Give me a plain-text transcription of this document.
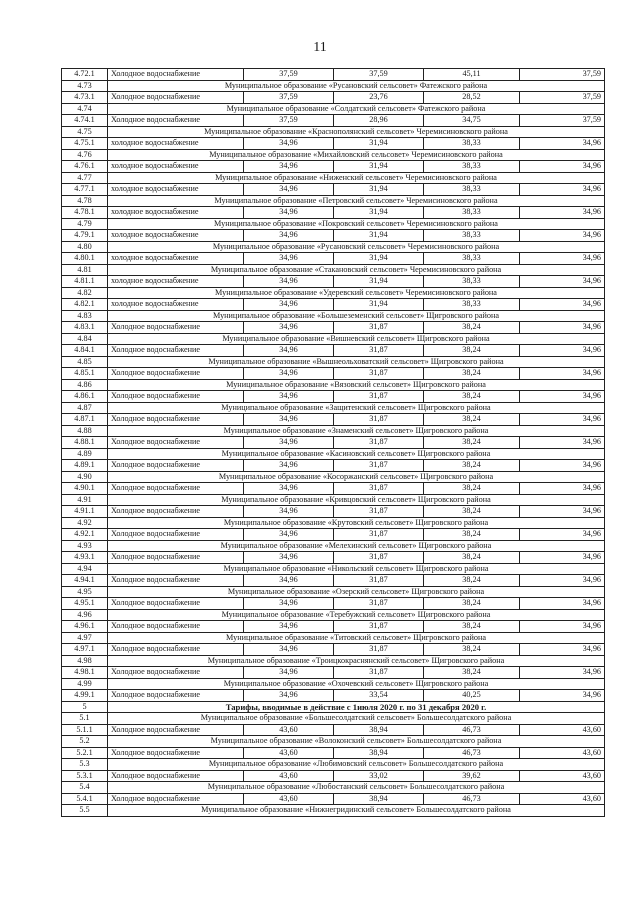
11
4.72.1	Холодное водоснабжение	37,59	37,59	45,11	37,59
4.73	Муниципальное образование «Русановский сельсовет» Фатежского района				
4.73.1	Холодное водоснабжение	37,59	23,76	28,52	37,59
4.74	Муниципальное образование «Солдатский сельсовет» Фатежского района				
4.74.1	Холодное водоснабжение	37,59	28,96	34,75	37,59
4.75	Муниципальное образование «Краснополянский сельсовет» Черемисиновского района				
4.75.1	холодное водоснабжение	34,96	31,94	38,33	34,96
4.76	Муниципальное образование «Михайловский сельсовет» Черемисиновского района				
4.76.1	холодное водоснабжение	34,96	31,94	38,33	34,96
4.77	Муниципальное образование «Ниженский сельсовет» Черемисиновского района				
4.77.1	холодное водоснабжение	34,96	31,94	38,33	34,96
4.78	Муниципальное образование «Петровский сельсовет» Черемисиновского района				
4.78.1	холодное водоснабжение	34,96	31,94	38,33	34,96
4.79	Муниципальное образование «Покровский сельсовет» Черемисиновского района				
4.79.1	холодное водоснабжение	34,96	31,94	38,33	34,96
4.80	Муниципальное образование «Русановский сельсовет» Черемисиновского района				
4.80.1	холодное водоснабжение	34,96	31,94	38,33	34,96
4.81	Муниципальное образование «Стакановский сельсовет» Черемисиновского района				
4.81.1	холодное водоснабжение	34,96	31,94	38,33	34,96
4.82	Муниципальное образование «Удеревский сельсовет» Черемисиновского района				
4.82.1	холодное водоснабжение	34,96	31,94	38,33	34,96
4.83	Муниципальное образование «Большеземенский сельсовет» Щигровского района				
4.83.1	Холодное водоснабжение	34,96	31,87	38,24	34,96
4.84	Муниципальное образование «Вишневский сельсовет» Щигровского района				
4.84.1	Холодное водоснабжение	34,96	31,87	38,24	34,96
4.85	Муниципальное образование «Вышнеольховатский сельсовет» Щигровского района				
4.85.1	Холодное водоснабжение	34,96	31,87	38,24	34,96
4.86	Муниципальное образование «Вязовский сельсовет» Щигровского района				
4.86.1	Холодное водоснабжение	34,96	31,87	38,24	34,96
4.87	Муниципальное образование «Защитенский сельсовет» Щигровского района				
4.87.1	Холодное водоснабжение	34,96	31,87	38,24	34,96
4.88	Муниципальное образование «Знаменский сельсовет» Щигровского района				
4.88.1	Холодное водоснабжение	34,96	31,87	38,24	34,96
4.89	Муниципальное образование «Касиновский сельсовет» Щигровского района				
4.89.1	Холодное водоснабжение	34,96	31,87	38,24	34,96
4.90	Муниципальное образование «Косоржанский сельсовет» Щигровского района				
4.90.1	Холодное водоснабжение	34,96	31,87	38,24	34,96
4.91	Муниципальное образование «Кривцовский сельсовет» Щигровского района				
4.91.1	Холодное водоснабжение	34,96	31,87	38,24	34,96
4.92	Муниципальное образование «Крутовский сельсовет» Щигровского района				
4.92.1	Холодное водоснабжение	34,96	31,87	38,24	34,96
4.93	Муниципальное образование «Мелехинский сельсовет» Щигровского района				
4.93.1	Холодное водоснабжение	34,96	31,87	38,24	34,96
4.94	Муниципальное образование «Никольский сельсовет» Щигровского района				
4.94.1	Холодное водоснабжение	34,96	31,87	38,24	34,96
4.95	Муниципальное образование «Озерский сельсовет» Щигровского района				
4.95.1	Холодное водоснабжение	34,96	31,87	38,24	34,96
4.96	Муниципальное образование «Теребужский сельсовет» Щигровского района				
4.96.1	Холодное водоснабжение	34,96	31,87	38,24	34,96
4.97	Муниципальное образование «Титовский сельсовет» Щигровского района				
4.97.1	Холодное водоснабжение	34,96	31,87	38,24	34,96
4.98	Муниципальное образование «Троицкокраснянский сельсовет» Щигровского района				
4.98.1	Холодное водоснабжение	34,96	31,87	38,24	34,96
4.99	Муниципальное образование «Охочевский сельсовет» Щигровского района				
4.99.1	Холодное водоснабжение	34,96	33,54	40,25	34,96
5	Тарифы, вводимые в действие с 1июля 2020 г. по 31 декабря 2020 г.				
5.1	Муниципальное образование «Большесолдатский сельсовет» Большесолдатского района				
5.1.1	Холодное водоснабжение	43,60	38,94	46,73	43,60
5.2	Муниципальное образование «Волоконский сельсовет» Большесолдатского района				
5.2.1	Холодное водоснабжение	43,60	38,94	46,73	43,60
5.3	Муниципальное образование «Любимовский сельсовет» Большесолдатского района				
5.3.1	Холодное водоснабжение	43,60	33,02	39,62	43,60
5.4	Муниципальное образование «Любостанский сельсовет» Большесолдатского района				
5.4.1	Холодное водоснабжение	43,60	38,94	46,73	43,60
5.5	Муниципальное образование «Нижнегридинский сельсовет» Большесолдатского района				
